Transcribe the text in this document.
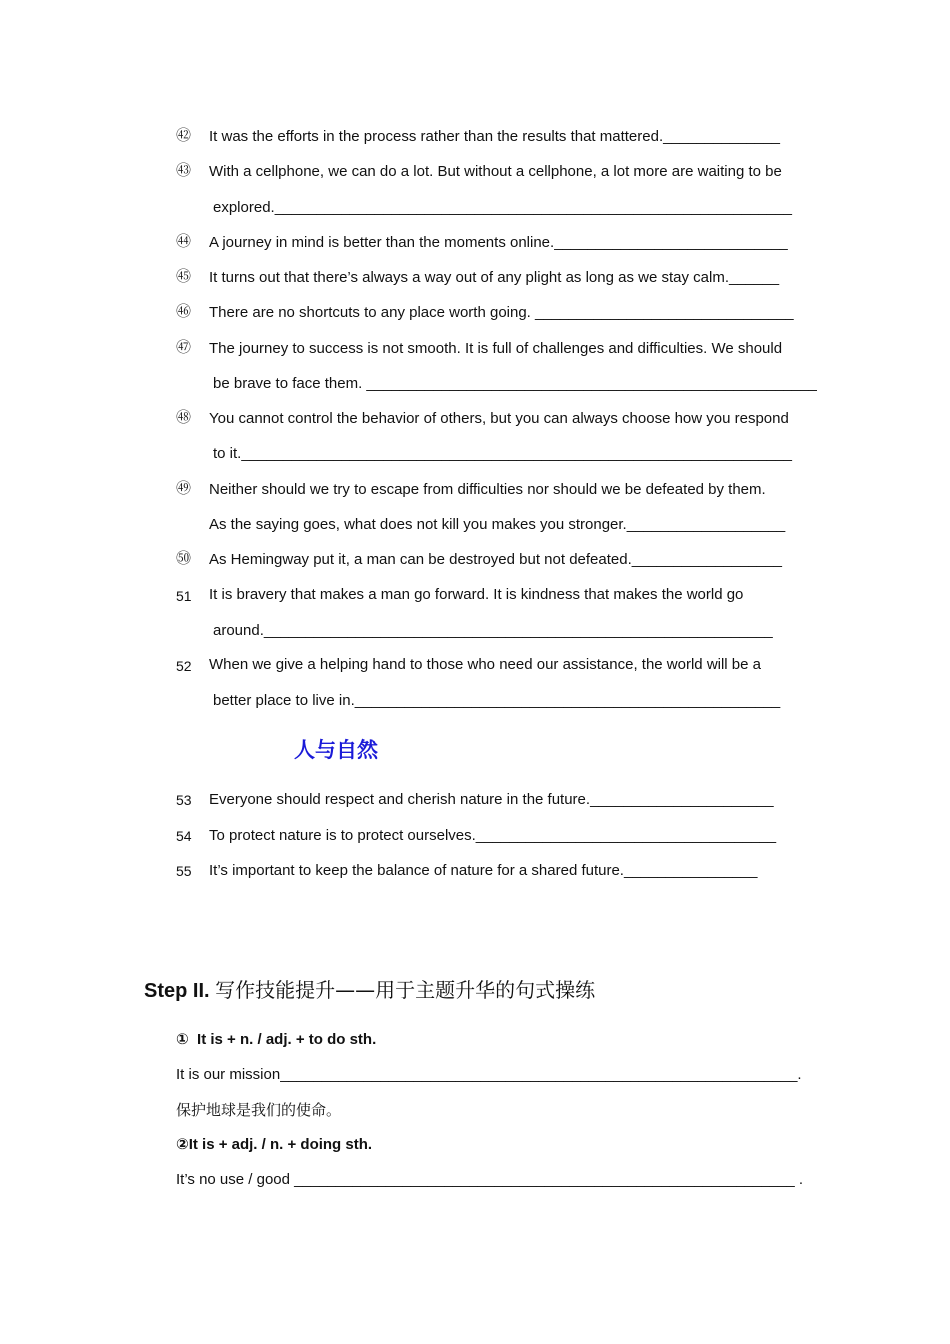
㊷ It was the efforts in the process rather than the results that mattered.______________
㊸ With a cellphone, we can do a lot. But without a cellphone, a lot more are waiting to be
explored.______________________________________________________________
㊹ A journey in mind is better than the moments online.____________________________
㊺ It turns out that there’s always a way out of any plight as long as we stay calm.______
㊻ There are no shortcuts to any place worth going. _______________________________
㊼ The journey to success is not smooth. It is full of challenges and difficulties. We should
be brave to face them. ______________________________________________________
㊽ You cannot control the behavior of others, but you can always choose how you respond
to it.__________________________________________________________________
㊾ Neither should we try to escape from difficulties nor should we be defeated by them.
As the saying goes, what does not kill you makes you stronger.___________________
㊿ As Hemingway put it, a man can be destroyed but not defeated.__________________
51	It is bravery that makes a man go forward. It is kindness that makes the world go
around._____________________________________________________________
52	When we give a helping hand to those who need our assistance, the world will be a
better place to live in.___________________________________________________
人与自然
53	Everyone should respect and cherish nature in the future.______________________
54	To protect nature is to protect ourselves.____________________________________
55	It’s important to keep the balance of nature for a shared future.________________
Step II. 写作技能提升——用于主题升华的句式操练
① It is + n. / adj. + to do sth.
It is our mission______________________________________________________________.
保护地球是我们的使命。
②It is + adj. / n. + doing sth.
It’s no use / good ____________________________________________________________ .
